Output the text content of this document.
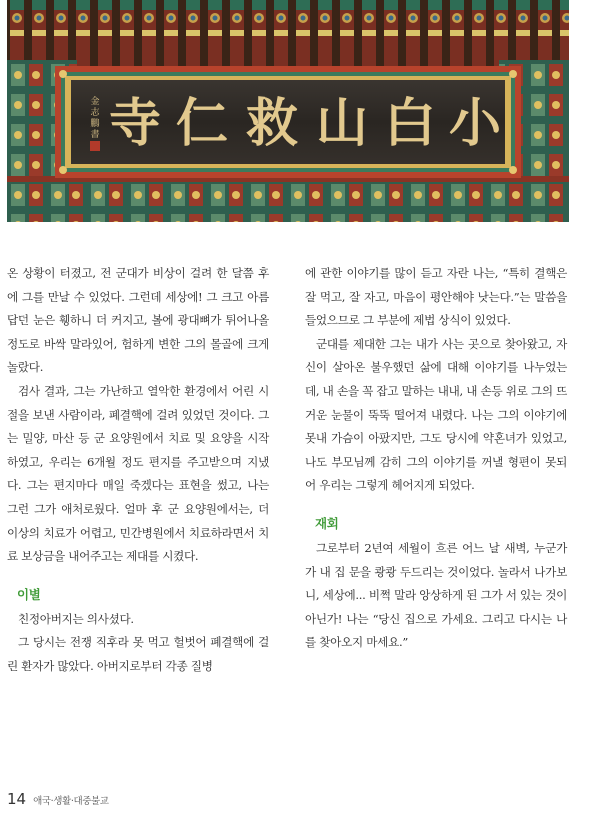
寺 仁 救 山 白 小
金
志
鵬
書

온 상황이 터졌고, 전 군대가 비상이 걸려 한 달쯤 후에 그를 만날 수 있었다. 그런데 세상에! 그 크고 아름답던 눈은 휑하니 더 커지고, 볼에 광대뼈가 튀어나올 정도로 바싹 말라있어, 험하게 변한 그의 몰골에 크게 놀랐다.

검사 결과, 그는 가난하고 열악한 환경에서 어린 시절을 보낸 사람이라, 폐결핵에 걸려 있었던 것이다. 그는 밀양, 마산 등 군 요양원에서 치료 및 요양을 시작하였고, 우리는 6개월 정도 편지를 주고받으며 지냈다. 그는 편지마다 매일 죽겠다는 표현을 썼고, 나는 그런 그가 애처로웠다. 얼마 후 군 요양원에서는, 더 이상의 치료가 어렵고, 민간병원에서 치료하라면서 치료 보상금을 내어주고는 제대를 시켰다.

이별

친정아버지는 의사셨다.

그 당시는 전쟁 직후라 못 먹고 헐벗어 폐결핵에 걸린 환자가 많았다. 아버지로부터 각종 질병

에 관한 이야기를 많이 듣고 자란 나는, “특히 결핵은 잘 먹고, 잘 자고, 마음이 평안해야 낫는다.”는 말씀을 들었으므로 그 부분에 제법 상식이 있었다.

군대를 제대한 그는 내가 사는 곳으로 찾아왔고, 자신이 살아온 불우했던 삶에 대해 이야기를 나누었는데, 내 손을 꼭 잡고 말하는 내내, 내 손등 위로 그의 뜨거운 눈물이 뚝뚝 떨어져 내렸다. 나는 그의 이야기에 못내 가슴이 아팠지만, 그도 당시에 약혼녀가 있었고, 나도 부모님께 감히 그의 이야기를 꺼낼 형편이 못되어 우리는 그렇게 헤어지게 되었다.

재회

그로부터 2년여 세월이 흐른 어느 날 새벽, 누군가가 내 집 문을 쾅쾅 두드리는 것이었다. 놀라서 나가보니, 세상에... 비쩍 말라 앙상하게 된 그가 서 있는 것이 아닌가! 나는 “당신 집으로 가세요. 그리고 다시는 나를 찾아오지 마세요.”

14 애국·생활·대중불교
